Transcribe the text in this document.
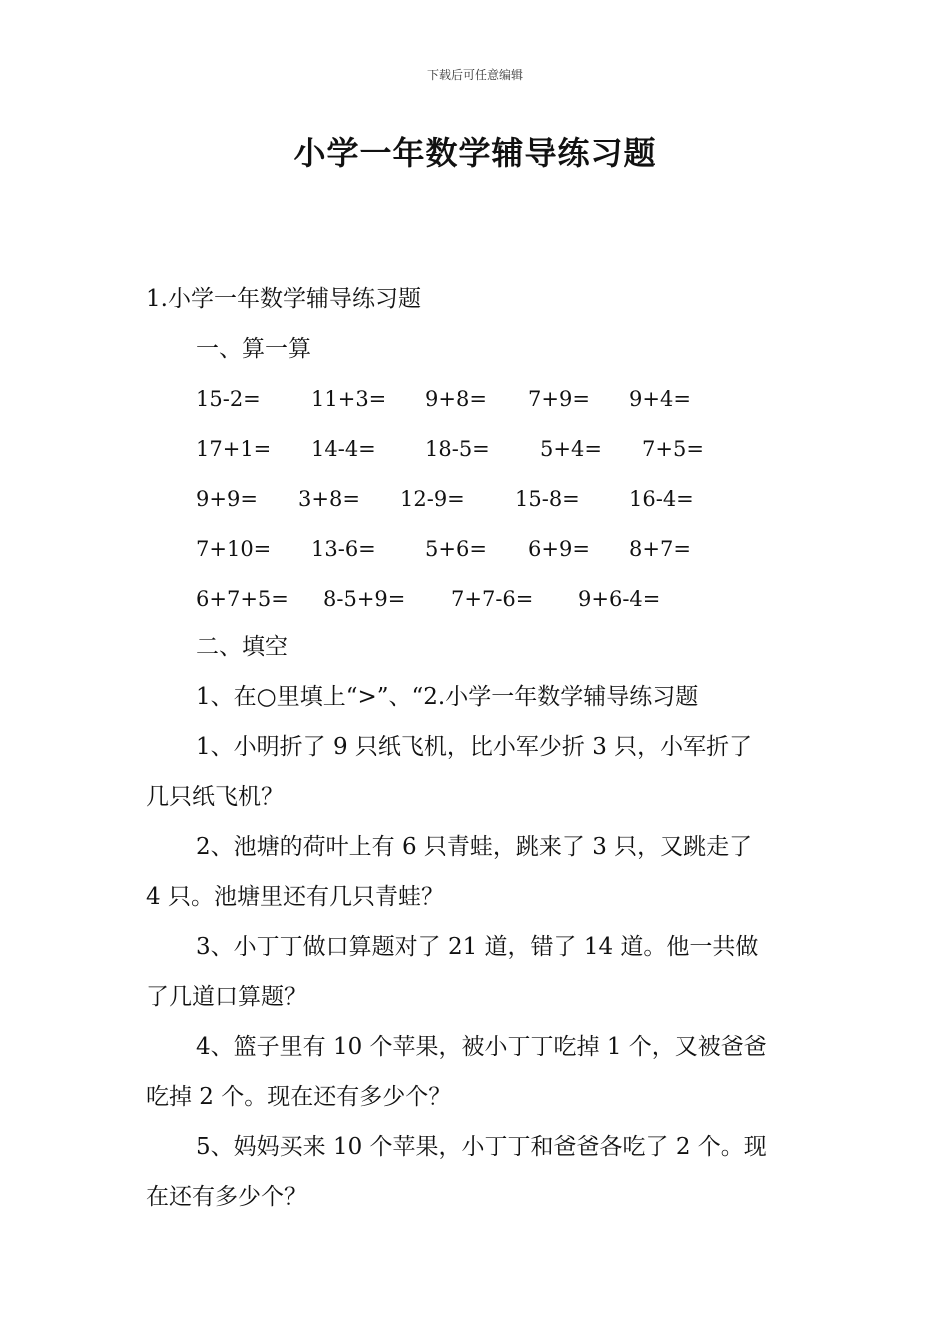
下载后可任意编辑
小学一年数学辅导练习题
1.小学一年数学辅导练习题
一、算一算
15-2= 11+3= 9+8= 7+9= 9+4=
17+1= 14-4= 18-5= 5+4= 7+5=
9+9= 3+8= 12-9= 15-8= 16-4=
7+10= 13-6= 5+6= 6+9= 8+7=
6+7+5= 8-5+9= 7+7-6= 9+6-4=
二、填空
1、在○里填上“>”、“2.小学一年数学辅导练习题
1、小明折了 9 只纸飞机，比小军少折 3 只，小军折了
几只纸飞机？
2、池塘的荷叶上有 6 只青蛙，跳来了 3 只，又跳走了
4 只。池塘里还有几只青蛙？
3、小丁丁做口算题对了 21 道，错了 14 道。他一共做
了几道口算题？
4、篮子里有 10 个苹果，被小丁丁吃掉 1 个，又被爸爸
吃掉 2 个。现在还有多少个？
5、妈妈买来 10 个苹果，小丁丁和爸爸各吃了 2 个。现
在还有多少个？
